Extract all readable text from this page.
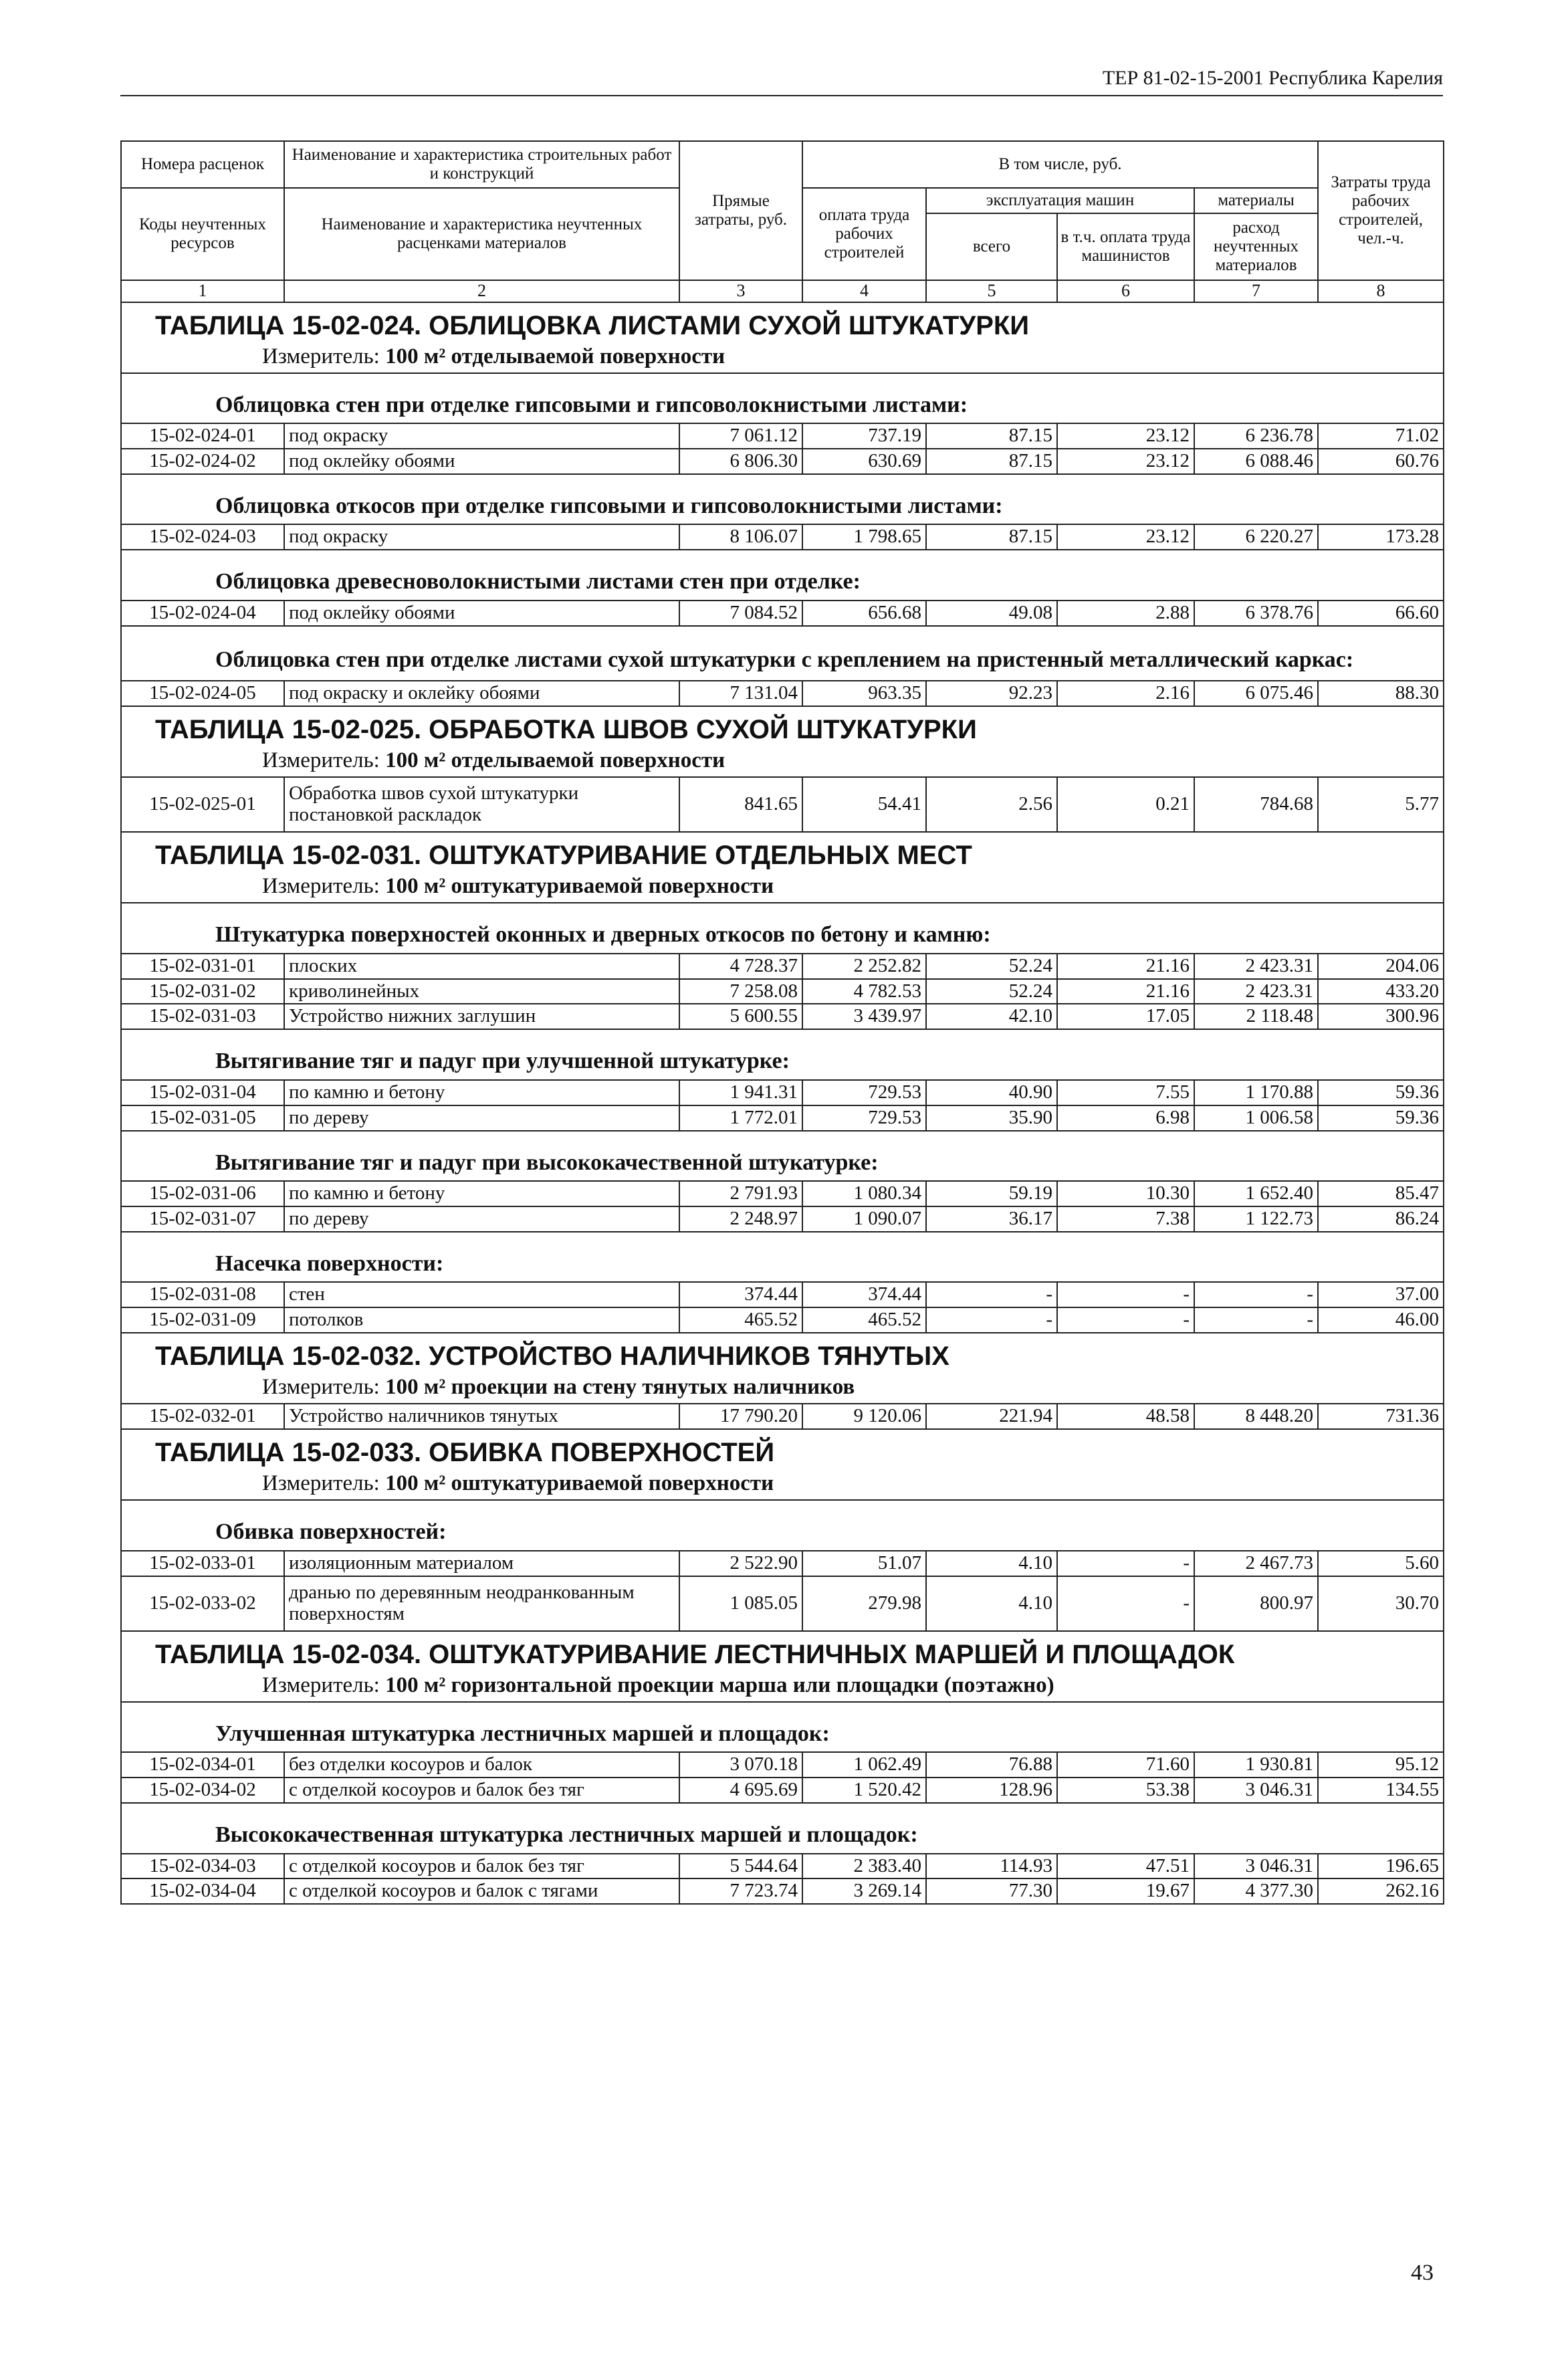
ТЕР 81-02-15-2001 Республика Карелия
Номера расценок	Наименование и характеристика строительных работ и конструкций	Прямые затраты, руб.	В том числе, руб.				Затраты труда рабочих строителей, чел.-ч.
Коды неучтенных ресурсов	Наименование и характеристика неучтенных расценками материалов		оплата труда рабочих строителей	эксплуатация машин		материалы	
				всего	в т.ч. оплата труда машинистов	расход неучтенных материалов	
1	2	3	4	5	6	7	8

ТАБЛИЦА 15-02-024. ОБЛИЦОВКА ЛИСТАМИ СУХОЙ ШТУКАТУРКИ							

Измеритель: 100 м² отделываемой поверхности							
Облицовка стен при отделке гипсовыми и гипсоволокнистыми листами:							
15-02-024-01	под окраску	7 061.12	737.19	87.15	23.12	6 236.78	71.02
15-02-024-02	под оклейку обоями	6 806.30	630.69	87.15	23.12	6 088.46	60.76
Облицовка откосов при отделке гипсовыми и гипсоволокнистыми листами:							
15-02-024-03	под окраску	8 106.07	1 798.65	87.15	23.12	6 220.27	173.28
Облицовка древесноволокнистыми листами стен при отделке:							
15-02-024-04	под оклейку обоями	7 084.52	656.68	49.08	2.88	6 378.76	66.60
Облицовка стен при отделке листами сухой штукатурки с креплением на пристенный металлический каркас:							
15-02-024-05	под окраску и оклейку обоями	7 131.04	963.35	92.23	2.16	6 075.46	88.30

ТАБЛИЦА 15-02-025. ОБРАБОТКА ШВОВ СУХОЙ ШТУКАТУРКИ							

Измеритель: 100 м² отделываемой поверхности							
15-02-025-01	Обработка швов сухой штукатурки постановкой раскладок	841.65	54.41	2.56	0.21	784.68	5.77

ТАБЛИЦА 15-02-031. ОШТУКАТУРИВАНИЕ ОТДЕЛЬНЫХ МЕСТ							

Измеритель: 100 м² оштукатуриваемой поверхности							
Штукатурка поверхностей оконных и дверных откосов по бетону и камню:							
15-02-031-01	плоских	4 728.37	2 252.82	52.24	21.16	2 423.31	204.06
15-02-031-02	криволинейных	7 258.08	4 782.53	52.24	21.16	2 423.31	433.20
15-02-031-03	Устройство нижних заглушин	5 600.55	3 439.97	42.10	17.05	2 118.48	300.96
Вытягивание тяг и падуг при улучшенной штукатурке:							
15-02-031-04	по камню и бетону	1 941.31	729.53	40.90	7.55	1 170.88	59.36
15-02-031-05	по дереву	1 772.01	729.53	35.90	6.98	1 006.58	59.36
Вытягивание тяг и падуг при высококачественной штукатурке:							
15-02-031-06	по камню и бетону	2 791.93	1 080.34	59.19	10.30	1 652.40	85.47
15-02-031-07	по дереву	2 248.97	1 090.07	36.17	7.38	1 122.73	86.24
Насечка поверхности:							
15-02-031-08	стен	374.44	374.44	-	-	-	37.00
15-02-031-09	потолков	465.52	465.52	-	-	-	46.00

ТАБЛИЦА 15-02-032. УСТРОЙСТВО НАЛИЧНИКОВ ТЯНУТЫХ							

Измеритель: 100 м² проекции на стену тянутых наличников							
15-02-032-01	Устройство наличников тянутых	17 790.20	9 120.06	221.94	48.58	8 448.20	731.36

ТАБЛИЦА 15-02-033. ОБИВКА ПОВЕРХНОСТЕЙ							

Измеритель: 100 м² оштукатуриваемой поверхности							
Обивка поверхностей:							
15-02-033-01	изоляционным материалом	2 522.90	51.07	4.10	-	2 467.73	5.60
15-02-033-02	дранью по деревянным неодранкованным поверхностям	1 085.05	279.98	4.10	-	800.97	30.70

ТАБЛИЦА 15-02-034. ОШТУКАТУРИВАНИЕ ЛЕСТНИЧНЫХ МАРШЕЙ И ПЛОЩАДОК							

Измеритель: 100 м² горизонтальной проекции марша или площадки (поэтажно)							
Улучшенная штукатурка лестничных маршей и площадок:							
15-02-034-01	без отделки косоуров и балок	3 070.18	1 062.49	76.88	71.60	1 930.81	95.12
15-02-034-02	с отделкой косоуров и балок без тяг	4 695.69	1 520.42	128.96	53.38	3 046.31	134.55
Высококачественная штукатурка лестничных маршей и площадок:							
15-02-034-03	с отделкой косоуров и балок без тяг	5 544.64	2 383.40	114.93	47.51	3 046.31	196.65
15-02-034-04	с отделкой косоуров и балок с тягами	7 723.74	3 269.14	77.30	19.67	4 377.30	262.16
43
